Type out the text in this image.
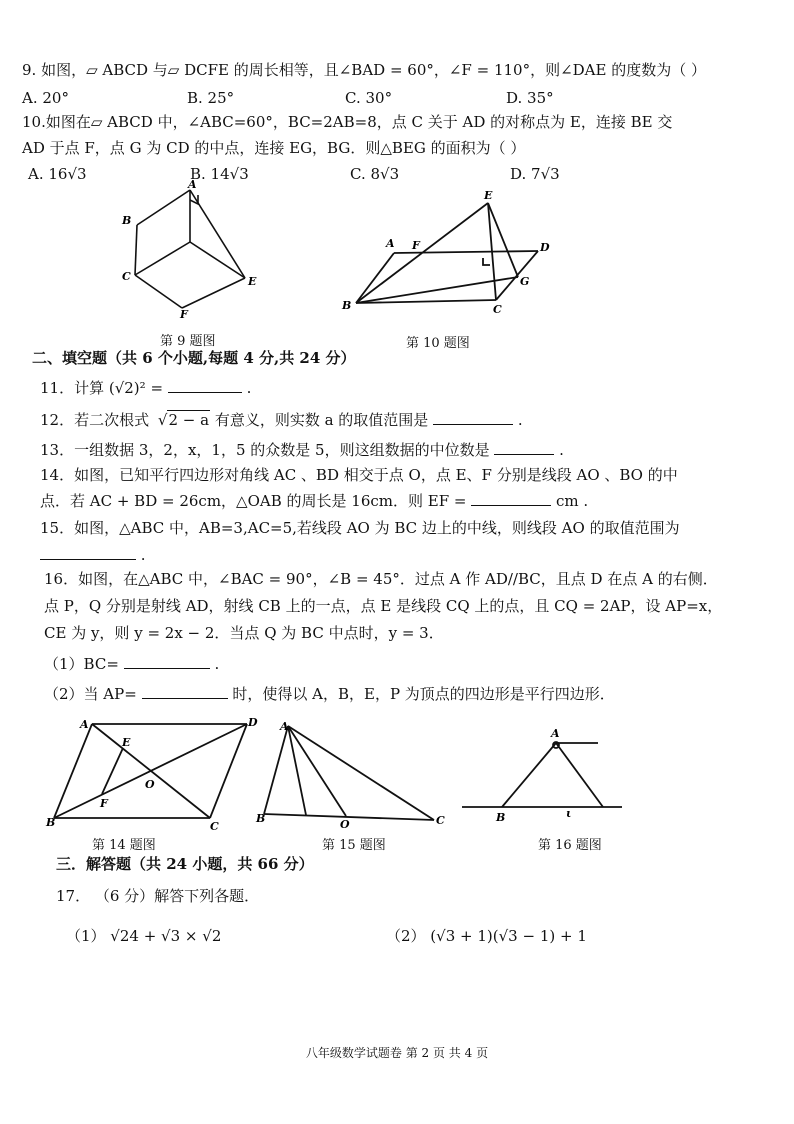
9. 如图，▱ ABCD 与▱ DCFE 的周长相等，且∠BAD = 60°，∠F = 110°，则∠DAE 的度数为（ ）
A. 20°	B. 25°	C. 30°	D. 35°
10.如图在▱ ABCD 中，∠ABC=60°，BC=2AB=8，点 C 关于 AD 的对称点为 E，连接 BE 交
AD 于点 F，点 G 为 CD 的中点，连接 EG，BG．则△BEG 的面积为（ ）
A. 16√3	B. 14√3	C. 8√3	D. 7√3
A
B
C	E
F
第 9 题图
A F
E
D
G
B	C
第 10 题图
二、填空题（共 6 个小题,每题 4 分,共 24 分）
11．计算 (√2)² =	.
12．若二次根式 √2 − a 有意义，则实数 a 的取值范围是	.
13．一组数据 3，2，x，1，5 的众数是 5，则这组数据的中位数是	.
14．如图，已知平行四边形对角线 AC 、BD 相交于点 O，点 E、F 分别是线段 AO 、BO 的中
点．若 AC + BD = 26cm，△OAB 的周长是 16cm．则 EF =	cm .
15．如图，△ABC 中，AB=3,AC=5,若线段 AO 为 BC 边上的中线，则线段 AO 的取值范围为
.
16．如图，在△ABC 中，∠BAC = 90°，∠B = 45°．过点 A 作 AD//BC，且点 D 在点 A 的右侧．
点 P，Q 分别是射线 AD，射线 CB 上的一点，点 E 是线段 CQ 上的点，且 CQ = 2AP，设 AP=x，
CE 为 y，则 y = 2x − 2．当点 Q 为 BC 中点时，y = 3．
（1）BC=	.
（2）当 AP=	时，使得以 A，B，E，P 为顶点的四边形是平行四边形．
A	D
E
O
F
B	C
第 14 题图
A
B	O	C
第 15 题图
A
B	ι
第 16 题图
三．解答题（共 24 小题，共 66 分）
17． （6 分）解答下列各题．
（1） √24 + √3 × √2	（2） (√3 + 1)(√3 − 1) + 1
八年级数学试题卷 第 2 页 共 4 页
